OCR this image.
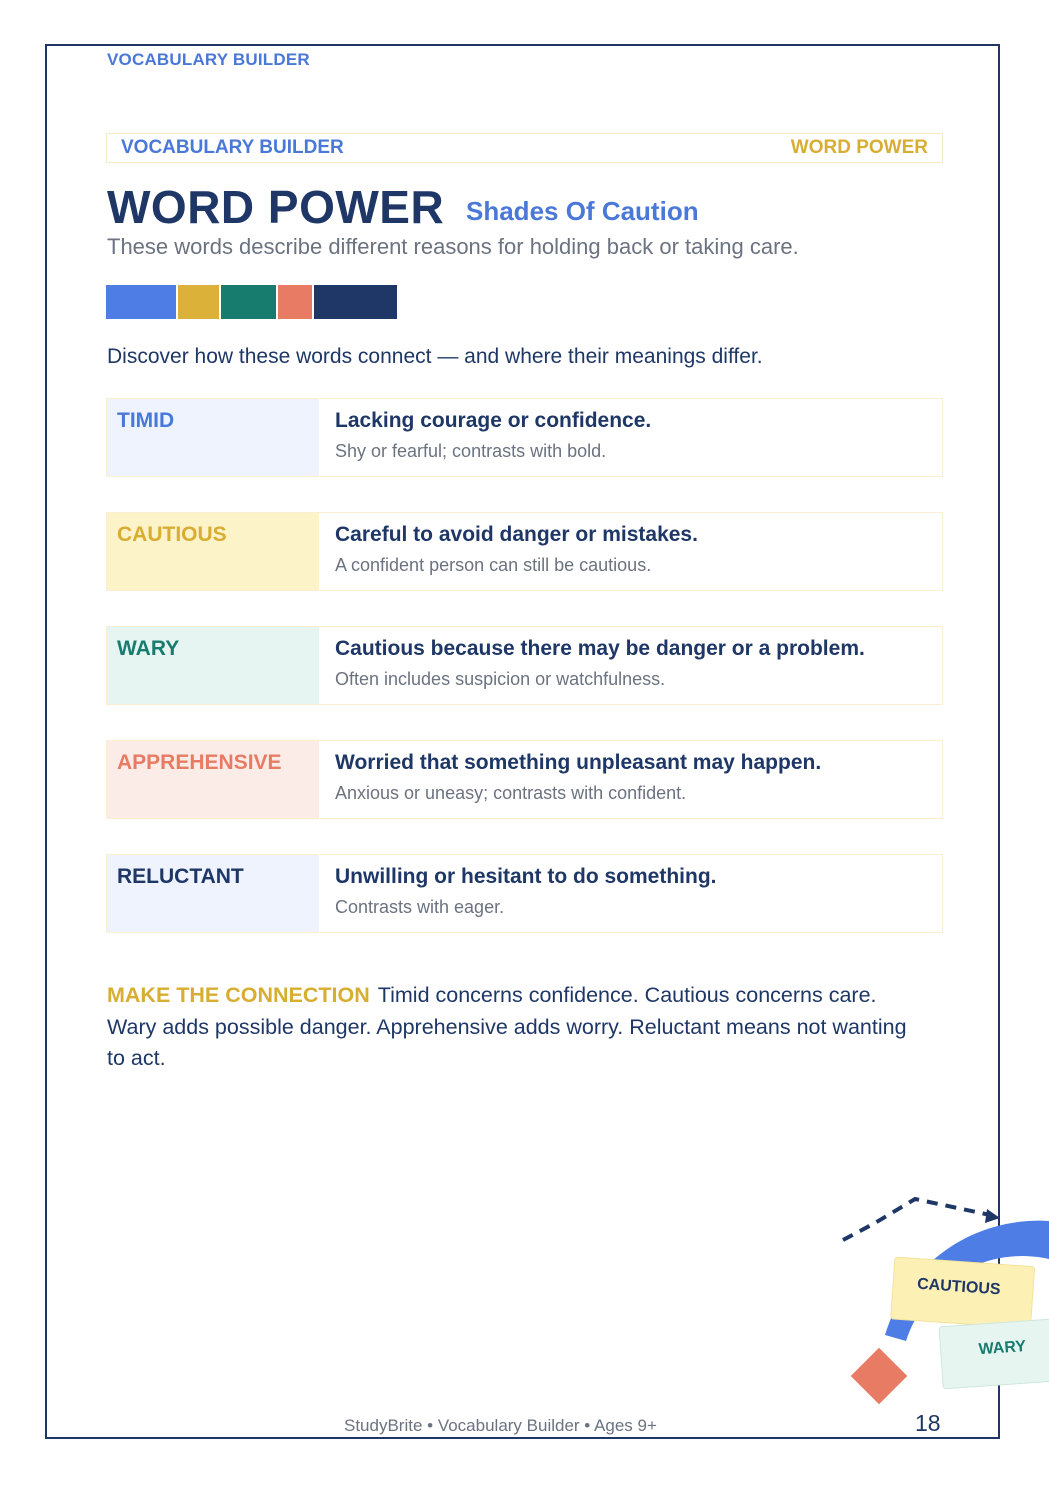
VOCABULARY BUILDER
VOCABULARY BUILDER	WORD POWER
WORD POWER Shades Of Caution
These words describe different reasons for holding back or taking care.
Discover how these words connect — and where their meanings differ.
TIMID	Lacking courage or confidence.
Shy or fearful; contrasts with bold.
CAUTIOUS	Careful to avoid danger or mistakes.
A confident person can still be cautious.
WARY	Cautious because there may be danger or a problem.
Often includes suspicion or watchfulness.
APPREHENSIVE	Worried that something unpleasant may happen.
Anxious or uneasy; contrasts with confident.
RELUCTANT	Unwilling or hesitant to do something.
Contrasts with eager.
MAKE THE CONNECTION Timid concerns confidence. Cautious concerns care. Wary adds possible danger. Apprehensive adds worry. Reluctant means not wanting to act.
CAUTIOUS
WARY
StudyBrite • Vocabulary Builder • Ages 9+	18
